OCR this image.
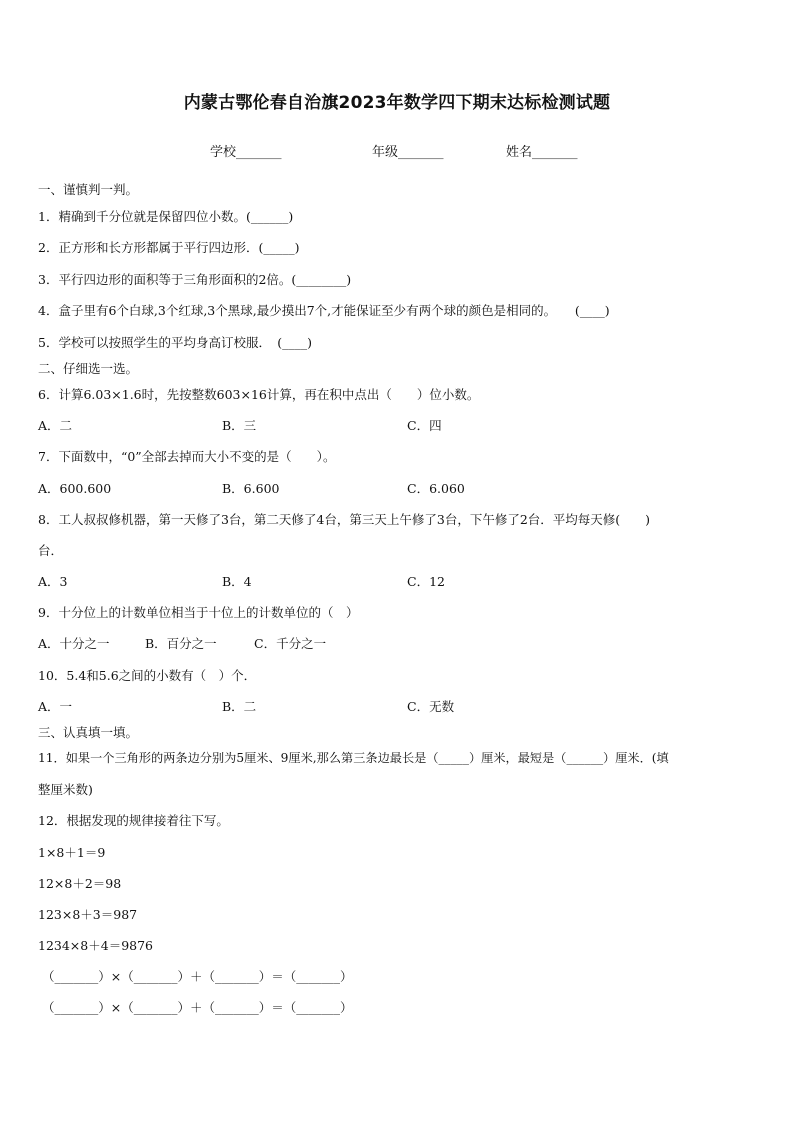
内蒙古鄂伦春自治旗2023年数学四下期末达标检测试题
学校_______	年级_______	姓名_______
一、谨慎判一判。
1．精确到千分位就是保留四位小数。(______)
2．正方形和长方形都属于平行四边形．(_____)
3．平行四边形的面积等于三角形面积的2倍。(________)
4．盒子里有6个白球,3个红球,3个黑球,最少摸出7个,才能保证至少有两个球的颜色是相同的。　　(____)
5．学校可以按照学生的平均身高订校服．　(____)
二、仔细选一选。
6．计算6.03×1.6时，先按整数603×16计算，再在积中点出（　　）位小数。
A．二	B．三	C．四
7．下面数中，“0”全部去掉而大小不变的是（　　）。
A．600.600	B．6.600	C．6.060
8．工人叔叔修机器，第一天修了3台，第二天修了4台，第三天上午修了3台，下午修了2台．平均每天修(　　)
台．
A．3	B．4	C．12
9．十分位上的计数单位相当于十位上的计数单位的（　）
A．十分之一	B．百分之一	C．千分之一
10．5.4和5.6之间的小数有（　）个．
A．一	B．二	C．无数
三、认真填一填。
11．如果一个三角形的两条边分别为5厘米、9厘米,那么第三条边最长是（_____）厘米，最短是（______）厘米．(填
整厘米数)
12．根据发现的规律接着往下写。
1×8＋1＝9
12×8＋2＝98
123×8＋3＝987
1234×8＋4＝9876
（_______）×（_______）＋（_______）＝（_______）
（_______）×（_______）＋（_______）＝（_______）
